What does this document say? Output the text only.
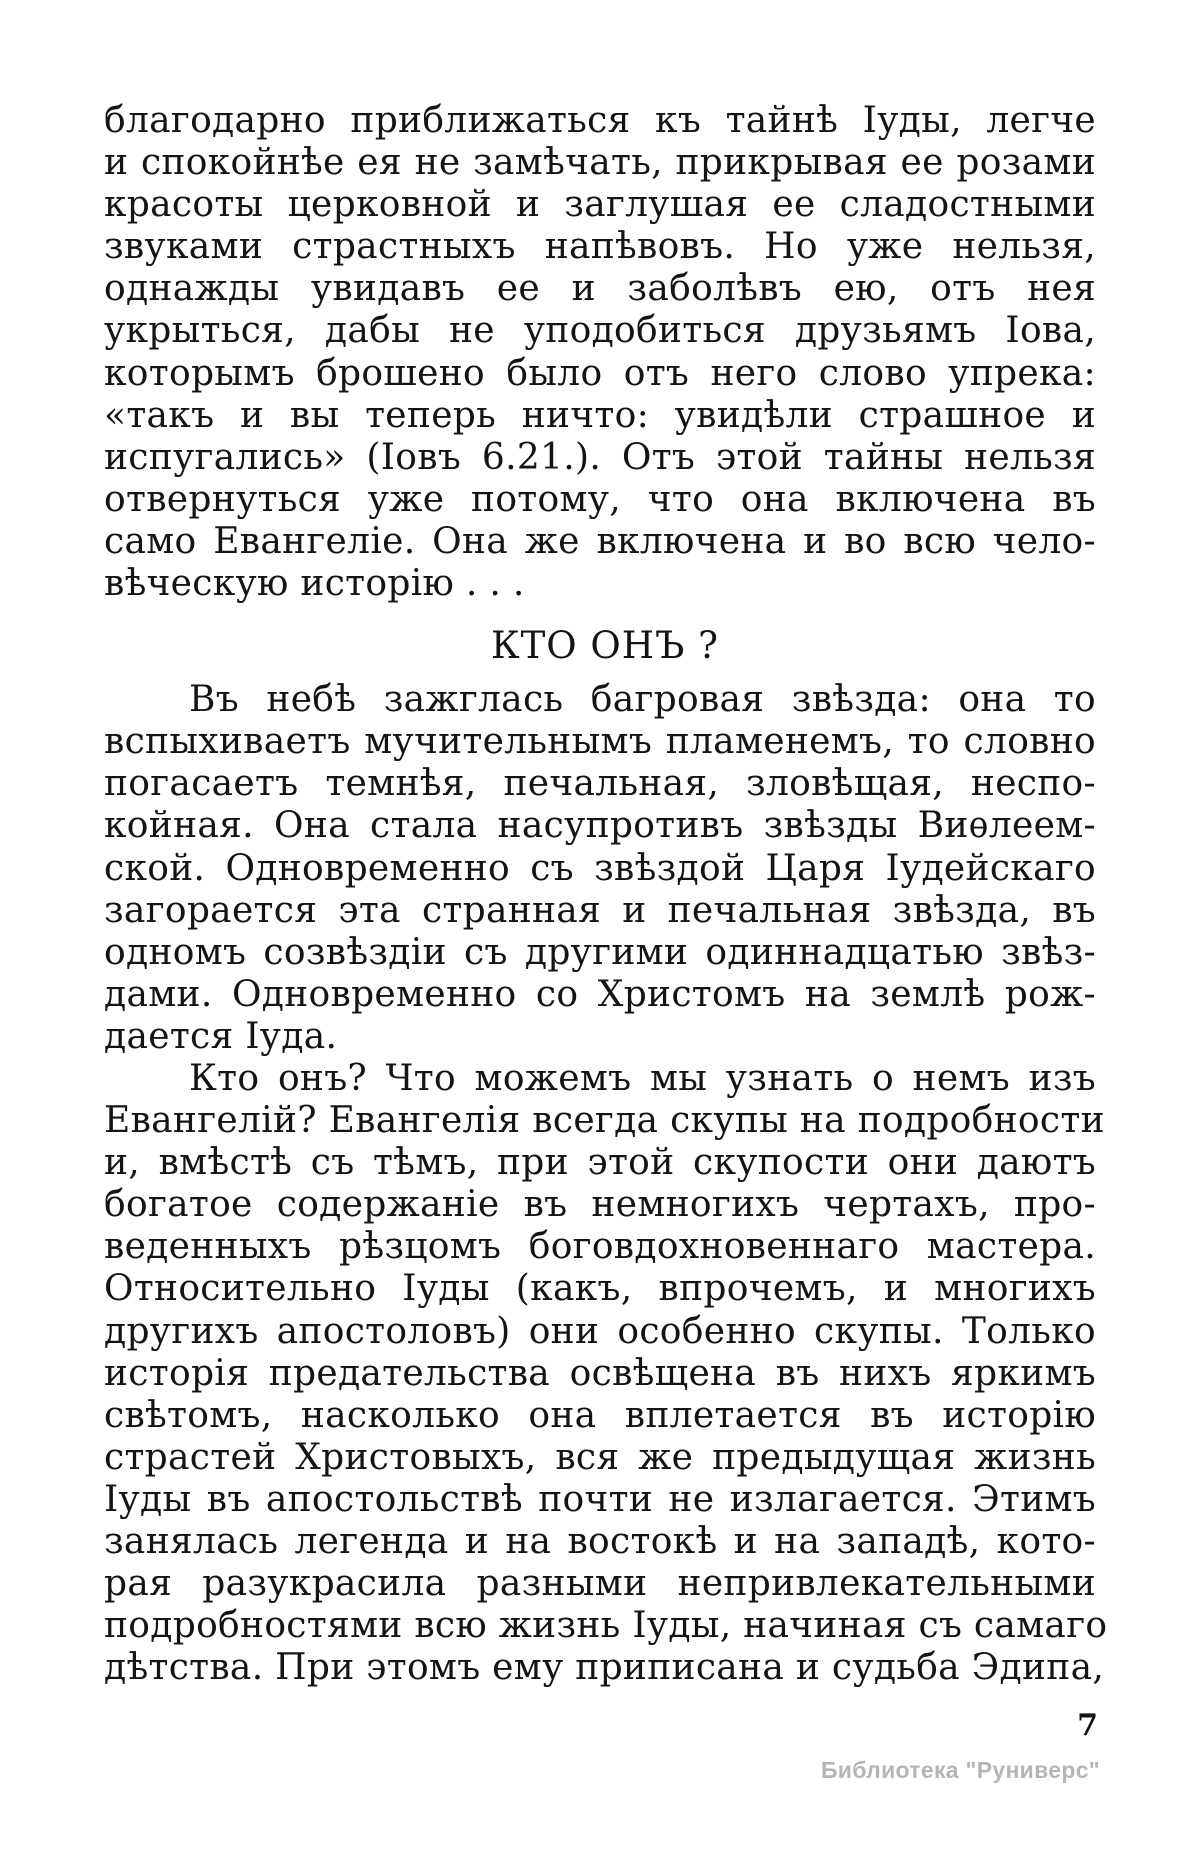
благодарно приближаться къ тайнѣ Іуды, легче
и спокойнѣе ея не замѣчать, прикрывая ее розами
красоты церковной и заглушая ее сладостными
звуками страстныхъ напѣвовъ. Но уже нельзя,
однажды увидавъ ее и заболѣвъ ею, отъ нея
укрыться, дабы не уподобиться друзьямъ Іова,
которымъ брошено было отъ него слово упрека:
«такъ и вы теперь ничто: увидѣли страшное и
испугались» (Іовъ 6.21.). Отъ этой тайны нельзя
отвернуться уже потому, что она включена въ
само Евангеліе. Она же включена и во всю чело-
вѣческую исторію . . .
КТО ОНЪ ?
Въ небѣ зажглась багровая звѣзда: она то
вспыхиваетъ мучительнымъ пламенемъ, то словно
погасаетъ темнѣя, печальная, зловѣщая, неспо-
койная. Она стала насупротивъ звѣзды Виѳлеем-
ской. Одновременно съ звѣздой Царя Іудейскаго
загорается эта странная и печальная звѣзда, въ
одномъ созвѣздіи съ другими одиннадцатью звѣз-
дами. Одновременно со Христомъ на землѣ рож-
дается Іуда.
Кто онъ? Что можемъ мы узнать о немъ изъ
Евангелій? Евангелія всегда скупы на подробности
и, вмѣстѣ съ тѣмъ, при этой скупости они даютъ
богатое содержаніе въ немногихъ чертахъ, про-
веденныхъ рѣзцомъ боговдохновеннаго мастера.
Относительно Іуды (какъ, впрочемъ, и многихъ
другихъ апостоловъ) они особенно скупы. Только
исторія предательства освѣщена въ нихъ яркимъ
свѣтомъ, насколько она вплетается въ исторію
страстей Христовыхъ, вся же предыдущая жизнь
Іуды въ апостольствѣ почти не излагается. Этимъ
занялась легенда и на востокѣ и на западѣ, кото-
рая разукрасила разными непривлекательными
подробностями всю жизнь Іуды, начиная съ самаго
дѣтства. При этомъ ему приписана и судьба Эдипа,
7
Библиотека "Руниверс"
